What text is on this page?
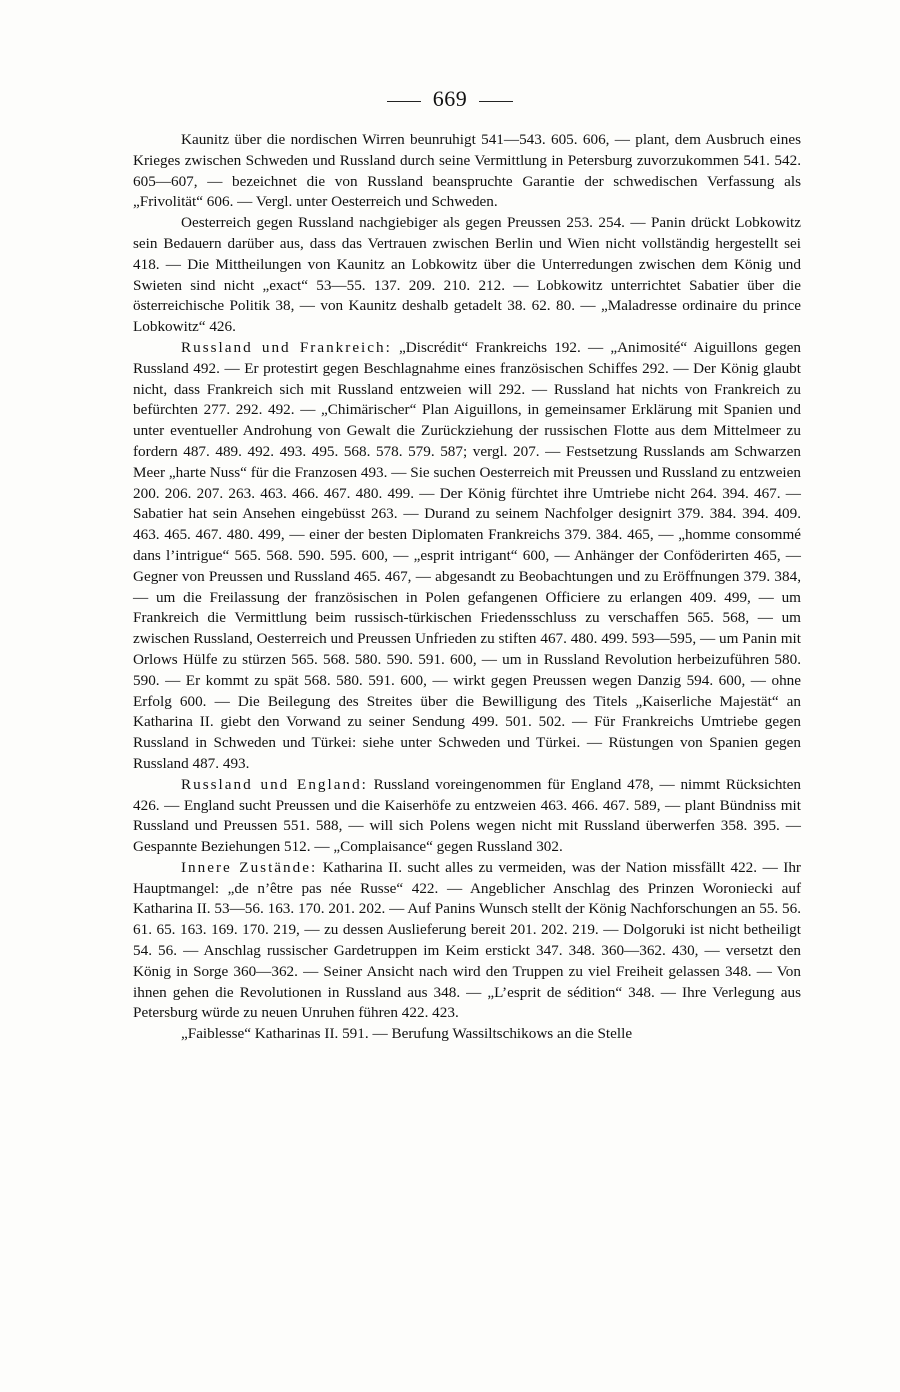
669

Kaunitz über die nordischen Wirren beunruhigt 541—543. 605. 606, — plant, dem Ausbruch eines Krieges zwischen Schweden und Russland durch seine Vermittlung in Petersburg zuvorzukommen 541. 542. 605—607, — bezeichnet die von Russland beanspruchte Garantie der schwedischen Verfassung als „Frivolität“ 606. — Vergl. unter Oesterreich und Schweden.

Oesterreich gegen Russland nachgiebiger als gegen Preussen 253. 254. — Panin drückt Lobkowitz sein Bedauern darüber aus, dass das Vertrauen zwischen Berlin und Wien nicht vollständig hergestellt sei 418. — Die Mittheilungen von Kaunitz an Lobkowitz über die Unterredungen zwischen dem König und Swieten sind nicht „exact“ 53—55. 137. 209. 210. 212. — Lobkowitz unterrichtet Sabatier über die österreichische Politik 38, — von Kaunitz deshalb getadelt 38. 62. 80. — „Maladresse ordinaire du prince Lobkowitz“ 426.

Russland und Frankreich: „Discrédit“ Frankreichs 192. — „Animosité“ Aiguillons gegen Russland 492. — Er protestirt gegen Beschlagnahme eines französischen Schiffes 292. — Der König glaubt nicht, dass Frankreich sich mit Russland entzweien will 292. — Russland hat nichts von Frankreich zu befürchten 277. 292. 492. — „Chimärischer“ Plan Aiguillons, in gemeinsamer Erklärung mit Spanien und unter eventueller Androhung von Gewalt die Zurückziehung der russischen Flotte aus dem Mittelmeer zu fordern 487. 489. 492. 493. 495. 568. 578. 579. 587; vergl. 207. — Festsetzung Russlands am Schwarzen Meer „harte Nuss“ für die Franzosen 493. — Sie suchen Oesterreich mit Preussen und Russland zu entzweien 200. 206. 207. 263. 463. 466. 467. 480. 499. — Der König fürchtet ihre Umtriebe nicht 264. 394. 467. — Sabatier hat sein Ansehen eingebüsst 263. — Durand zu seinem Nachfolger designirt 379. 384. 394. 409. 463. 465. 467. 480. 499, — einer der besten Diplomaten Frankreichs 379. 384. 465, — „homme consommé dans l’intrigue“ 565. 568. 590. 595. 600, — „esprit intrigant“ 600, — Anhänger der Conföderirten 465, — Gegner von Preussen und Russland 465. 467, — abgesandt zu Beobachtungen und zu Eröffnungen 379. 384, — um die Freilassung der französischen in Polen gefangenen Officiere zu erlangen 409. 499, — um Frankreich die Vermittlung beim russisch-türkischen Friedensschluss zu verschaffen 565. 568, — um zwischen Russland, Oesterreich und Preussen Unfrieden zu stiften 467. 480. 499. 593—595, — um Panin mit Orlows Hülfe zu stürzen 565. 568. 580. 590. 591. 600, — um in Russland Revolution herbeizuführen 580. 590. — Er kommt zu spät 568. 580. 591. 600, — wirkt gegen Preussen wegen Danzig 594. 600, — ohne Erfolg 600. — Die Beilegung des Streites über die Bewilligung des Titels „Kaiserliche Majestät“ an Katharina II. giebt den Vorwand zu seiner Sendung 499. 501. 502. — Für Frankreichs Umtriebe gegen Russland in Schweden und Türkei: siehe unter Schweden und Türkei. — Rüstungen von Spanien gegen Russland 487. 493.

Russland und England: Russland voreingenommen für England 478, — nimmt Rücksichten 426. — England sucht Preussen und die Kaiserhöfe zu entzweien 463. 466. 467. 589, — plant Bündniss mit Russland und Preussen 551. 588, — will sich Polens wegen nicht mit Russland überwerfen 358. 395. — Gespannte Beziehungen 512. — „Complaisance“ gegen Russland 302.

Innere Zustände: Katharina II. sucht alles zu vermeiden, was der Nation missfällt 422. — Ihr Hauptmangel: „de n’être pas née Russe“ 422. — Angeblicher Anschlag des Prinzen Woroniecki auf Katharina II. 53—56. 163. 170. 201. 202. — Auf Panins Wunsch stellt der König Nachforschungen an 55. 56. 61. 65. 163. 169. 170. 219, — zu dessen Auslieferung bereit 201. 202. 219. — Dolgoruki ist nicht betheiligt 54. 56. — Anschlag russischer Gardetruppen im Keim erstickt 347. 348. 360—362. 430, — versetzt den König in Sorge 360—362. — Seiner Ansicht nach wird den Truppen zu viel Freiheit gelassen 348. — Von ihnen gehen die Revolutionen in Russland aus 348. — „L’esprit de sédition“ 348. — Ihre Verlegung aus Petersburg würde zu neuen Unruhen führen 422. 423.

„Faiblesse“ Katharinas II. 591. — Berufung Wassiltschikows an die Stelle
